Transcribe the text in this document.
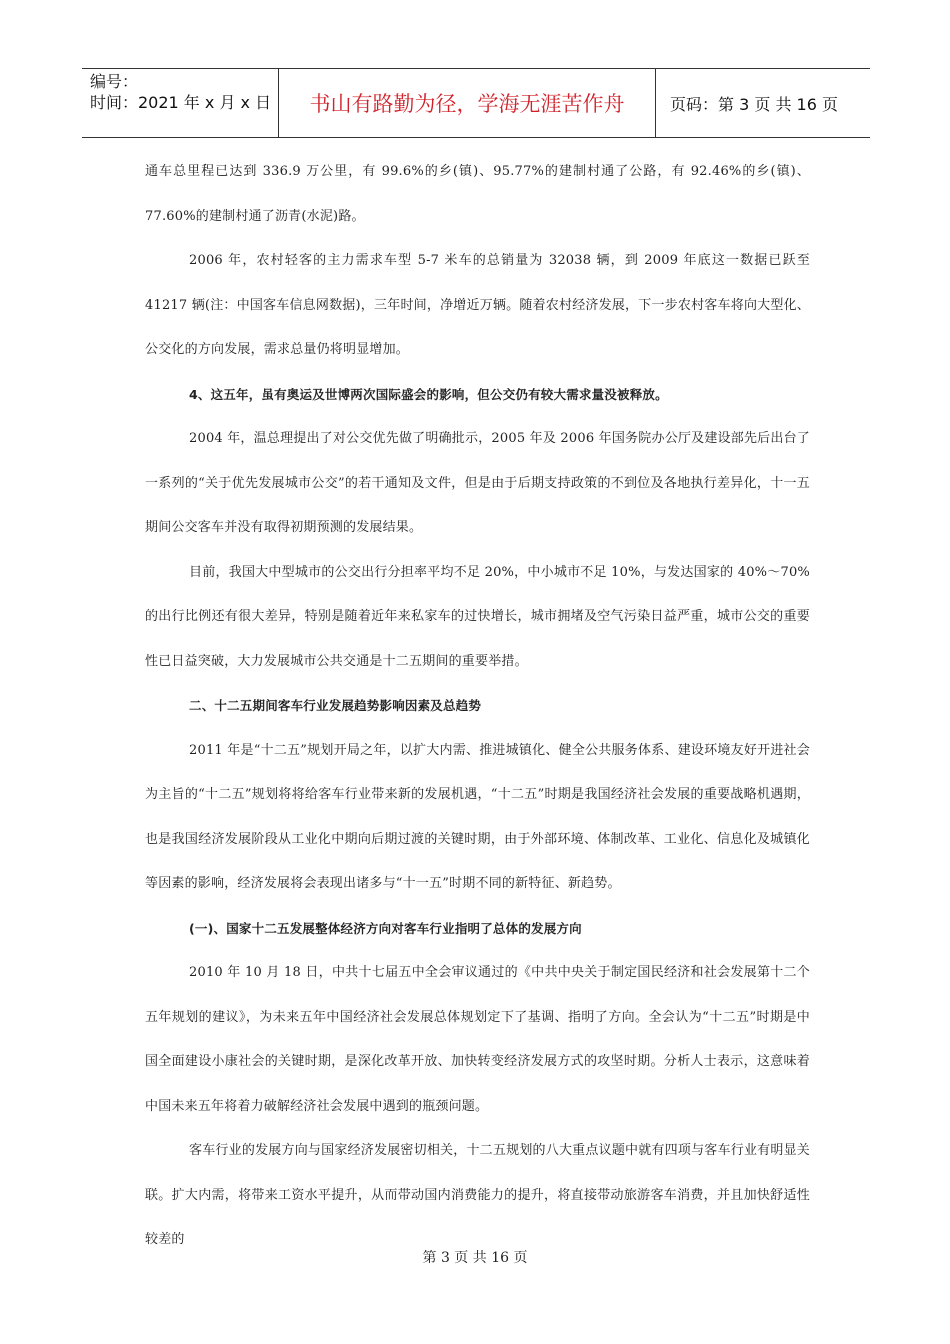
编号：
时间：2021 年 x 月 x 日	书山有路勤为径，学海无涯苦作舟	页码：第 3 页 共 16 页

通车总里程已达到 336.9 万公里，有 99.6%的乡(镇)、95.77%的建制村通了公路，有 92.46%的乡(镇)、77.60%的建制村通了沥青(水泥)路。

2006 年，农村轻客的主力需求车型 5-7 米车的总销量为 32038 辆，到 2009 年底这一数据已跃至 41217 辆(注：中国客车信息网数据)，三年时间，净增近万辆。随着农村经济发展，下一步农村客车将向大型化、公交化的方向发展，需求总量仍将明显增加。

4、这五年，虽有奥运及世博两次国际盛会的影响，但公交仍有较大需求量没被释放。

2004 年，温总理提出了对公交优先做了明确批示，2005 年及 2006 年国务院办公厅及建设部先后出台了一系列的“关于优先发展城市公交”的若干通知及文件，但是由于后期支持政策的不到位及各地执行差异化，十一五期间公交客车并没有取得初期预测的发展结果。

目前，我国大中型城市的公交出行分担率平均不足 20%，中小城市不足 10%，与发达国家的 40%～70%的出行比例还有很大差异，特别是随着近年来私家车的过快增长，城市拥堵及空气污染日益严重，城市公交的重要性已日益突破，大力发展城市公共交通是十二五期间的重要举措。

二、十二五期间客车行业发展趋势影响因素及总趋势

2011 年是“十二五”规划开局之年，以扩大内需、推进城镇化、健全公共服务体系、建设环境友好开进社会为主旨的“十二五”规划将将给客车行业带来新的发展机遇，“十二五”时期是我国经济社会发展的重要战略机遇期，也是我国经济发展阶段从工业化中期向后期过渡的关键时期，由于外部环境、体制改革、工业化、信息化及城镇化等因素的影响，经济发展将会表现出诸多与“十一五”时期不同的新特征、新趋势。

(一)、国家十二五发展整体经济方向对客车行业指明了总体的发展方向

2010 年 10 月 18 日，中共十七届五中全会审议通过的《中共中央关于制定国民经济和社会发展第十二个五年规划的建议》，为未来五年中国经济社会发展总体规划定下了基调、指明了方向。全会认为“十二五”时期是中国全面建设小康社会的关键时期，是深化改革开放、加快转变经济发展方式的攻坚时期。分析人士表示，这意味着中国未来五年将着力破解经济社会发展中遇到的瓶颈问题。

客车行业的发展方向与国家经济发展密切相关，十二五规划的八大重点议题中就有四项与客车行业有明显关联。扩大内需，将带来工资水平提升，从而带动国内消费能力的提升，将直接带动旅游客车消费，并且加快舒适性较差的

第 3 页 共 16 页
